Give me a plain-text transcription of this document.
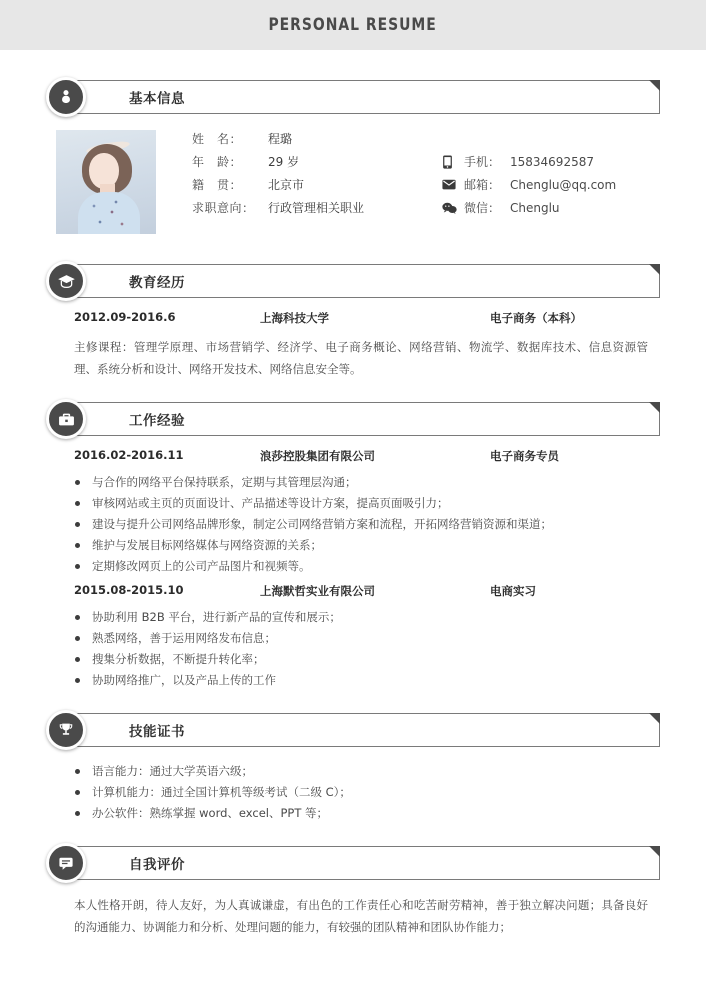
PERSONAL RESUME
基本信息
姓　名：	程璐
年　龄：	29 岁
籍　贯：	北京市
求职意向：	行政管理相关职业
手机： 15834692587
邮箱： Chenglu@qq.com
微信： Chenglu
教育经历
2012.09-2016.6	上海科技大学	电子商务（本科）
主修课程：管理学原理、市场营销学、经济学、电子商务概论、网络营销、物流学、数据库技术、信息资源管理、系统分析和设计、网络开发技术、网络信息安全等。
工作经验
2016.02-2016.11	浪莎控股集团有限公司	电子商务专员
与合作的网络平台保持联系，定期与其管理层沟通；
审核网站或主页的页面设计、产品描述等设计方案，提高页面吸引力；
建设与提升公司网络品牌形象，制定公司网络营销方案和流程，开拓网络营销资源和渠道；
维护与发展目标网络媒体与网络资源的关系；
定期修改网页上的公司产品图片和视频等。
2015.08-2015.10	上海默哲实业有限公司	电商实习
协助利用 B2B 平台，进行新产品的宣传和展示；
熟悉网络，善于运用网络发布信息；
搜集分析数据，不断提升转化率；
协助网络推广，以及产品上传的工作
技能证书
语言能力：通过大学英语六级；
计算机能力：通过全国计算机等级考试（二级 C）；
办公软件：熟练掌握 word、excel、PPT 等；
自我评价
本人性格开朗，待人友好，为人真诚谦虚，有出色的工作责任心和吃苦耐劳精神，善于独立解决问题；具备良好的沟通能力、协调能力和分析、处理问题的能力，有较强的团队精神和团队协作能力；
